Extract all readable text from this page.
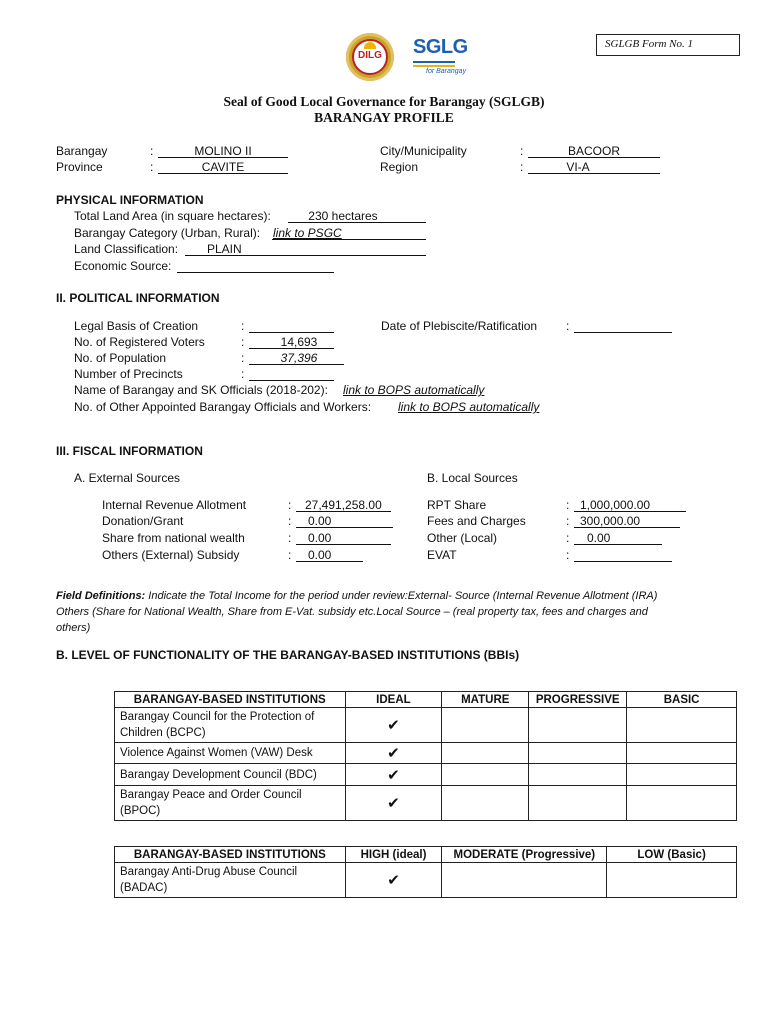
SGLGB Form No. 1
DILG	SGLG
for Barangay
Seal of Good Local Governance for Barangay (SGLGB)
BARANGAY PROFILE
Barangay	:	MOLINO II
Province	:	CAVITE
City/Municipality	:	BACOOR
Region	:	VI-A
PHYSICAL INFORMATION
Total Land Area (in square hectares):	230 hectares
Barangay Category (Urban, Rural): link to PSGC
Land Classification: PLAIN
Economic Source:
II. POLITICAL INFORMATION
Legal Basis of Creation	:	Date of Plebiscite/Ratification :
No. of Registered Voters	:	14,693
No. of Population	:	37,396
Number of Precincts	:
Name of Barangay and SK Officials (2018-202): link to BOPS automatically
No. of Other Appointed Barangay Officials and Workers: link to BOPS automatically
III. FISCAL INFORMATION
A. External Sources	B. Local Sources
Internal Revenue Allotment	: 27,491,258.00
Donation/Grant	: 0.00
Share from national wealth	: 0.00
Others (External) Subsidy	: 0.00
RPT Share	: 1,000,000.00
Fees and Charges	: 300,000.00
Other (Local)	: 0.00
EVAT	:
Field Definitions: Indicate the Total Income for the period under review:External- Source (Internal Revenue Allotment (IRA)
Others (Share for National Wealth, Share from E-Vat. subsidy etc.Local Source – (real property tax, fees and charges and
others)
B. LEVEL OF FUNCTIONALITY OF THE BARANGAY-BASED INSTITUTIONS (BBIs)
BARANGAY-BASED INSTITUTIONS	IDEAL	MATURE	PROGRESSIVE	BASIC
Barangay Council for the Protection of Children (BCPC)	✔			
Violence Against Women (VAW) Desk	✔			
Barangay Development Council (BDC)	✔			
Barangay Peace and Order Council (BPOC)	✔			
BARANGAY-BASED INSTITUTIONS	HIGH (ideal)	MODERATE (Progressive)	LOW (Basic)
Barangay Anti-Drug Abuse Council (BADAC)	✔		
